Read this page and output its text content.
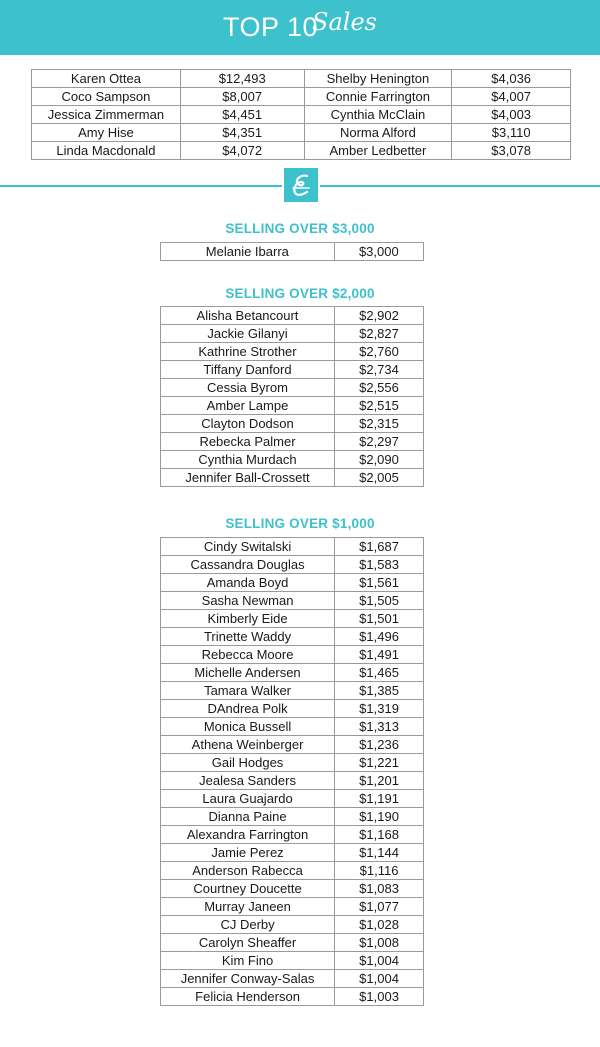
TOP 10
Sales
Karen Ottea	$12,493	Shelby Henington	$4,036
Coco Sampson	$8,007	Connie Farrington	$4,007
Jessica Zimmerman	$4,451	Cynthia McClain	$4,003
Amy Hise	$4,351	Norma Alford	$3,110
Linda Macdonald	$4,072	Amber Ledbetter	$3,078
SELLING OVER $3,000
Melanie Ibarra	$3,000
SELLING OVER $2,000
Alisha Betancourt	$2,902
Jackie Gilanyi	$2,827
Kathrine Strother	$2,760
Tiffany Danford	$2,734
Cessia Byrom	$2,556
Amber Lampe	$2,515
Clayton Dodson	$2,315
Rebecka Palmer	$2,297
Cynthia Murdach	$2,090
Jennifer Ball-Crossett	$2,005
SELLING OVER $1,000
Cindy Switalski	$1,687
Cassandra Douglas	$1,583
Amanda Boyd	$1,561
Sasha Newman	$1,505
Kimberly Eide	$1,501
Trinette Waddy	$1,496
Rebecca Moore	$1,491
Michelle Andersen	$1,465
Tamara Walker	$1,385
DAndrea Polk	$1,319
Monica Bussell	$1,313
Athena Weinberger	$1,236
Gail Hodges	$1,221
Jealesa Sanders	$1,201
Laura Guajardo	$1,191
Dianna Paine	$1,190
Alexandra Farrington	$1,168
Jamie Perez	$1,144
Anderson Rabecca	$1,116
Courtney Doucette	$1,083
Murray Janeen	$1,077
CJ Derby	$1,028
Carolyn Sheaffer	$1,008
Kim Fino	$1,004
Jennifer Conway-Salas	$1,004
Felicia Henderson	$1,003
